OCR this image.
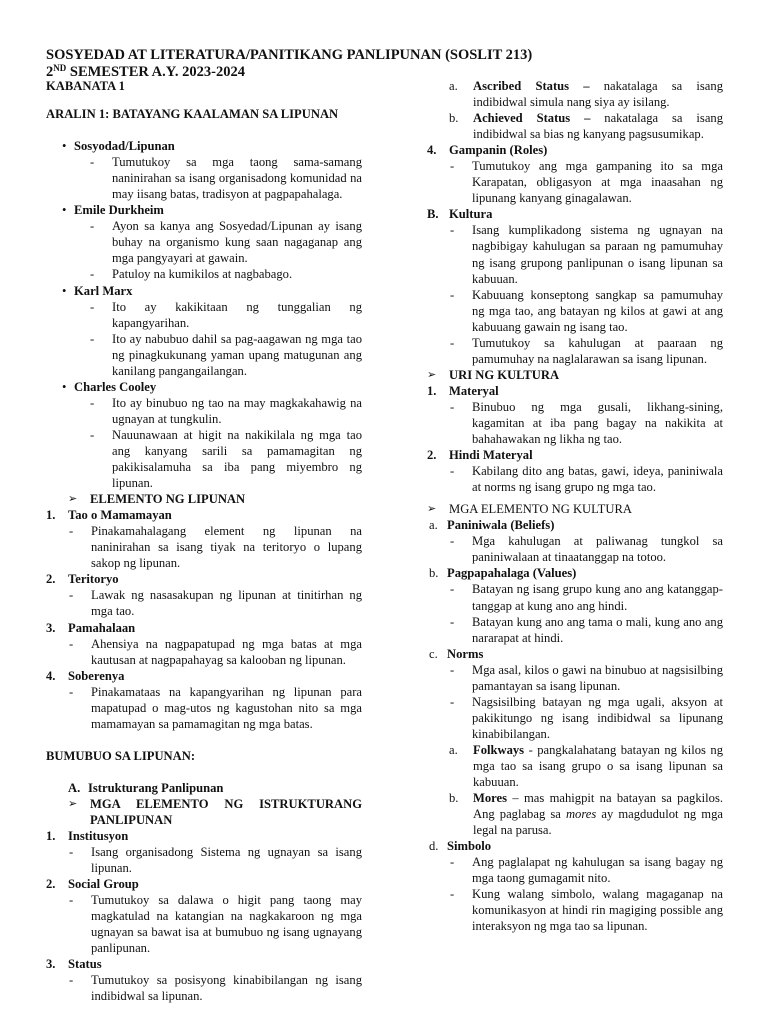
SOSYEDAD AT LITERATURA/PANITIKANG PANLIPUNAN (SOSLIT 213)
2ND SEMESTER A.Y. 2023-2024
KABANATA 1
ARALIN 1: BATAYANG KAALAMAN SA LIPUNAN
• Sosyodad/Lipunan
-	Tumutukoy sa mga taong sama-samang naninirahan sa isang organisadong komunidad na may iisang batas, tradisyon at pagpapahalaga.
• Emile Durkheim
-	Ayon sa kanya ang Sosyedad/Lipunan ay isang buhay na organismo kung saan nagaganap ang mga pangyayari at gawain.
-	Patuloy na kumikilos at nagbabago.
• Karl Marx
-	Ito ay kakikitaan ng tunggalian ng kapangyarihan.
-	Ito ay nabubuo dahil sa pag-aagawan ng mga tao ng pinagkukunang yaman upang matugunan ang kanilang pangangailangan.
• Charles Cooley
-	Ito ay binubuo ng tao na may magkakahawig na ugnayan at tungkulin.
-	Nauunawaan at higit na nakikilala ng mga tao ang kanyang sarili sa pamamagitan ng pakikisalamuha sa iba pang miyembro ng lipunan.
➢	ELEMENTO NG LIPUNAN
1. Tao o Mamamayan
-	Pinakamahalagang element ng lipunan na naninirahan sa isang tiyak na teritoryo o lupang sakop ng lipunan.
2. Teritoryo
-	Lawak ng nasasakupan ng lipunan at tinitirhan ng mga tao.
3. Pamahalaan
-	Ahensiya na nagpapatupad ng mga batas at mga kautusan at nagpapahayag sa kalooban ng lipunan.
4. Soberenya
-	Pinakamataas na kapangyarihan ng lipunan para mapatupad o mag-utos ng kagustohan nito sa mga mamamayan sa pamamagitan ng mga batas.
BUMUBUO SA LIPUNAN:
A. Istrukturang Panlipunan
➢	MGA ELEMENTO NG ISTRUKTURANG PANLIPUNAN
1. Institusyon
-	Isang organisadong Sistema ng ugnayan sa isang lipunan.
2. Social Group
-	Tumutukoy sa dalawa o higit pang taong may magkatulad na katangian na nagkakaroon ng mga ugnayan sa bawat isa at bumubuo ng isang ugnayang panlipunan.
3. Status
-	Tumutukoy sa posisyong kinabibilangan ng isang indibidwal sa lipunan.
a.	Ascribed Status – nakatalaga sa isang indibidwal simula nang siya ay isilang.
b.	Achieved Status – nakatalaga sa isang indibidwal sa bias ng kanyang pagsusumikap.
4. Gampanin (Roles)
-	Tumutukoy ang mga gampaning ito sa mga Karapatan, obligasyon at mga inaasahan ng lipunang kanyang ginagalawan.
B. Kultura
-	Isang kumplikadong sistema ng ugnayan na nagbibigay kahulugan sa paraan ng pamumuhay ng isang grupong panlipunan o isang lipunan sa kabuuan.
-	Kabuuang konseptong sangkap sa pamumuhay ng mga tao, ang batayan ng kilos at gawi at ang kabuuang gawain ng isang tao.
-	Tumutukoy sa kahulugan at paaraan ng pamumuhay na naglalarawan sa isang lipunan.
➢	URI NG KULTURA
1. Materyal
-	Binubuo ng mga gusali, likhang-sining, kagamitan at iba pang bagay na nakikita at bahahawakan ng likha ng tao.
2. Hindi Materyal
-	Kabilang dito ang batas, gawi, ideya, paniniwala at norms ng isang grupo ng mga tao.
➢	MGA ELEMENTO NG KULTURA
a. Paniniwala (Beliefs)
-	Mga kahulugan at paliwanag tungkol sa paniniwalaan at tinaatanggap na totoo.
b. Pagpapahalaga (Values)
-	Batayan ng isang grupo kung ano ang katanggap-tanggap at kung ano ang hindi.
-	Batayan kung ano ang tama o mali, kung ano ang nararapat at hindi.
c. Norms
-	Mga asal, kilos o gawi na binubuo at nagsisilbing pamantayan sa isang lipunan.
-	Nagsisilbing batayan ng mga ugali, aksyon at pakikitungo ng isang indibidwal sa lipunang kinabibilangan.
a.	Folkways - pangkalahatang batayan ng kilos ng mga tao sa isang grupo o sa isang lipunan sa kabuuan.
b.	Mores – mas mahigpit na batayan sa pagkilos. Ang paglabag sa mores ay magdudulot ng mga legal na parusa.
d. Simbolo
-	Ang paglalapat ng kahulugan sa isang bagay ng mga taong gumagamit nito.
-	Kung walang simbolo, walang magaganap na komunikasyon at hindi rin magiging possible ang interaksyon ng mga tao sa lipunan.
